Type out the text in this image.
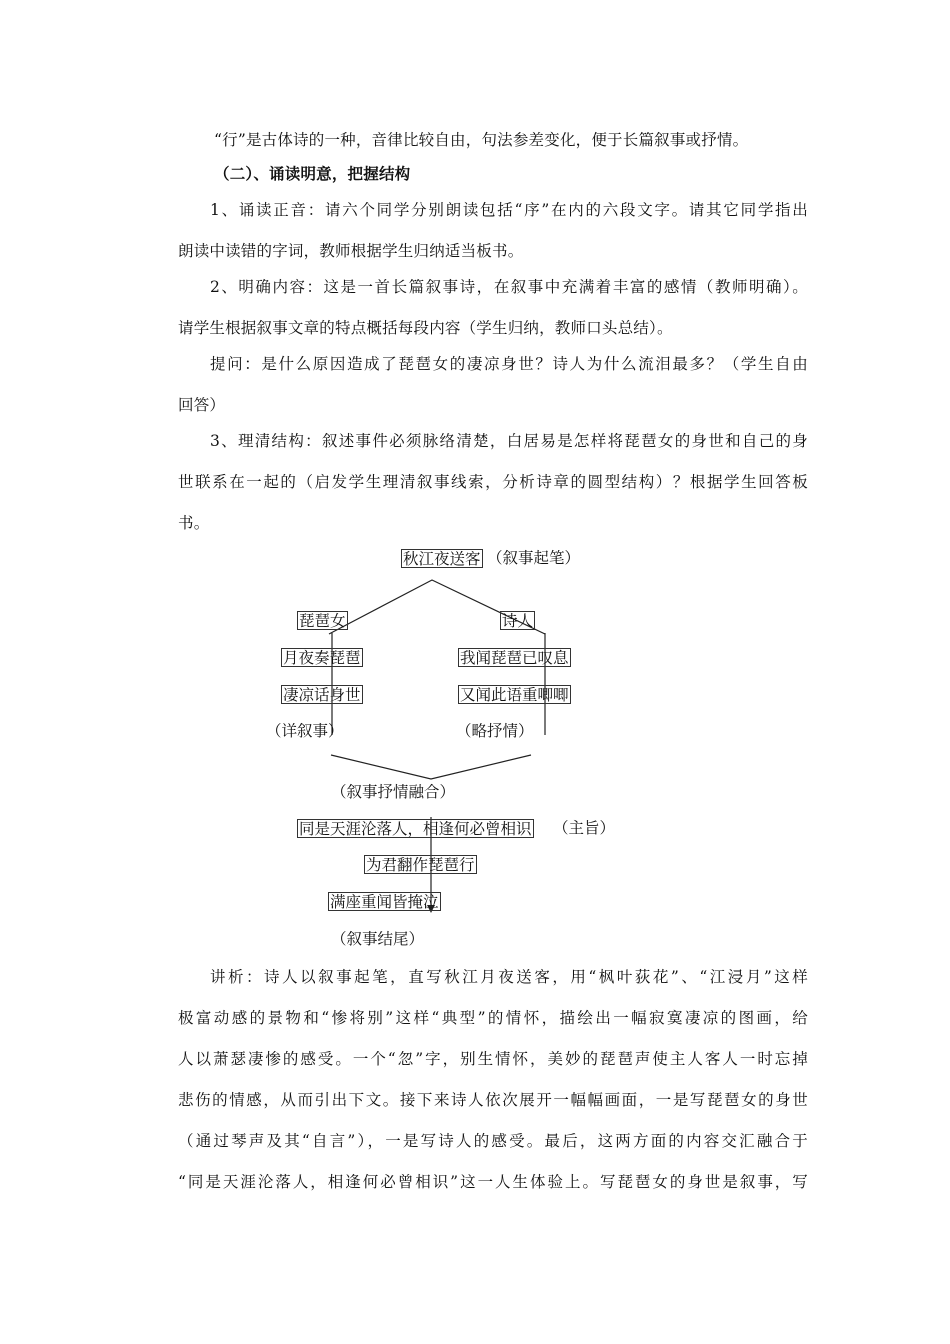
“行”是古体诗的一种，音律比较自由，句法参差变化，便于长篇叙事或抒情。
（二）、诵读明意，把握结构
1、诵读正音：请六个同学分别朗读包括“序”在内的六段文字。请其它同学指出
朗读中读错的字词，教师根据学生归纳适当板书。
2、明确内容：这是一首长篇叙事诗，在叙事中充满着丰富的感情（教师明确）。
请学生根据叙事文章的特点概括每段内容（学生归纳，教师口头总结）。
提问：是什么原因造成了琵琶女的凄凉身世？诗人为什么流泪最多？（学生自由
回答）
3、理清结构：叙述事件必须脉络清楚，白居易是怎样将琵琶女的身世和自己的身
世联系在一起的（启发学生理清叙事线索，分析诗章的圆型结构）？根据学生回答板
书。
秋江夜送客 （叙事起笔）
琵琶女	诗人
月夜奏琵琶	我闻琵琶已叹息
凄凉话身世	又闻此语重唧唧
（详叙事）	（略抒情）
（叙事抒情融合）
同是天涯沦落人，相逢何必曾相识 （主旨）
为君翻作琵琶行
满座重闻皆掩泣
（叙事结尾）
讲析：诗人以叙事起笔，直写秋江月夜送客，用“枫叶荻花”、“江浸月”这样
极富动感的景物和“惨将别”这样“典型”的情怀，描绘出一幅寂寞凄凉的图画，给
人以萧瑟凄惨的感受。一个“忽”字，别生情怀，美妙的琵琶声使主人客人一时忘掉
悲伤的情感，从而引出下文。接下来诗人依次展开一幅幅画面，一是写琵琶女的身世
（通过琴声及其“自言”），一是写诗人的感受。最后，这两方面的内容交汇融合于
“同是天涯沦落人，相逢何必曾相识”这一人生体验上。写琵琶女的身世是叙事，写
